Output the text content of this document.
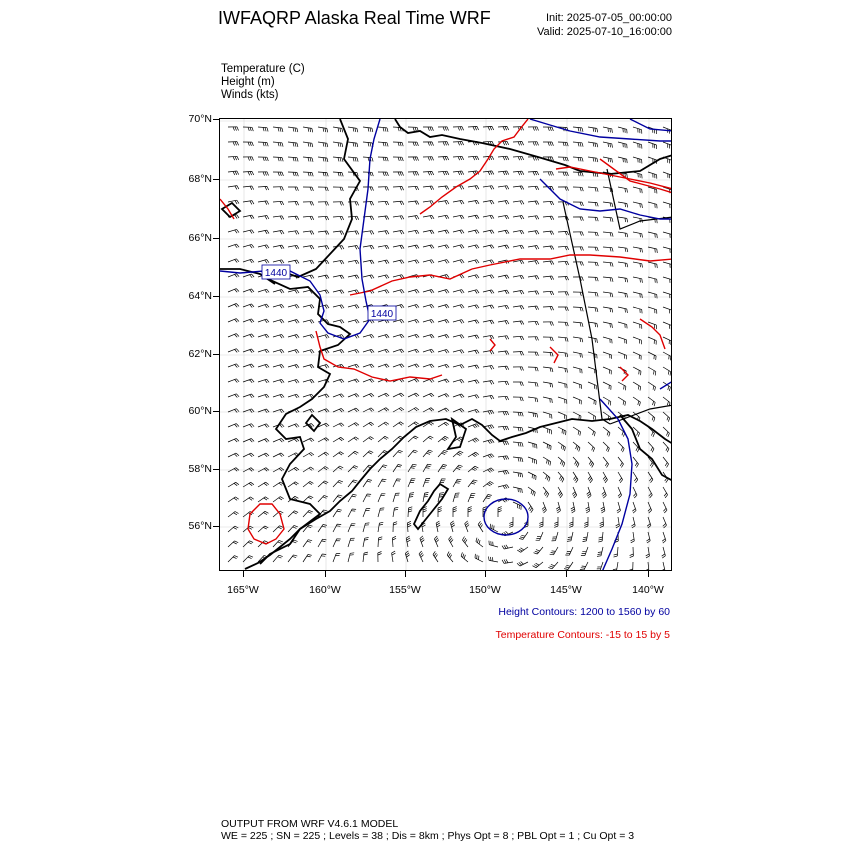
IWFAQRP Alaska Real Time WRF	Init: 2025-07-05_00:00:00
Valid: 2025-07-10_16:00:00
Temperature (C)
Height (m)
Winds (kts)
70°N
68°N
66°N
64°N
62°N
60°N
58°N
56°N
165°W	160°W	155°W	150°W	145°W	140°W
1440
1440
Height Contours: 1200 to 1560 by 60
Temperature Contours: -15 to 15 by 5
OUTPUT FROM WRF V4.6.1 MODEL
WE = 225 ; SN = 225 ; Levels = 38 ; Dis = 8km ; Phys Opt = 8 ; PBL Opt = 1 ; Cu Opt = 3
